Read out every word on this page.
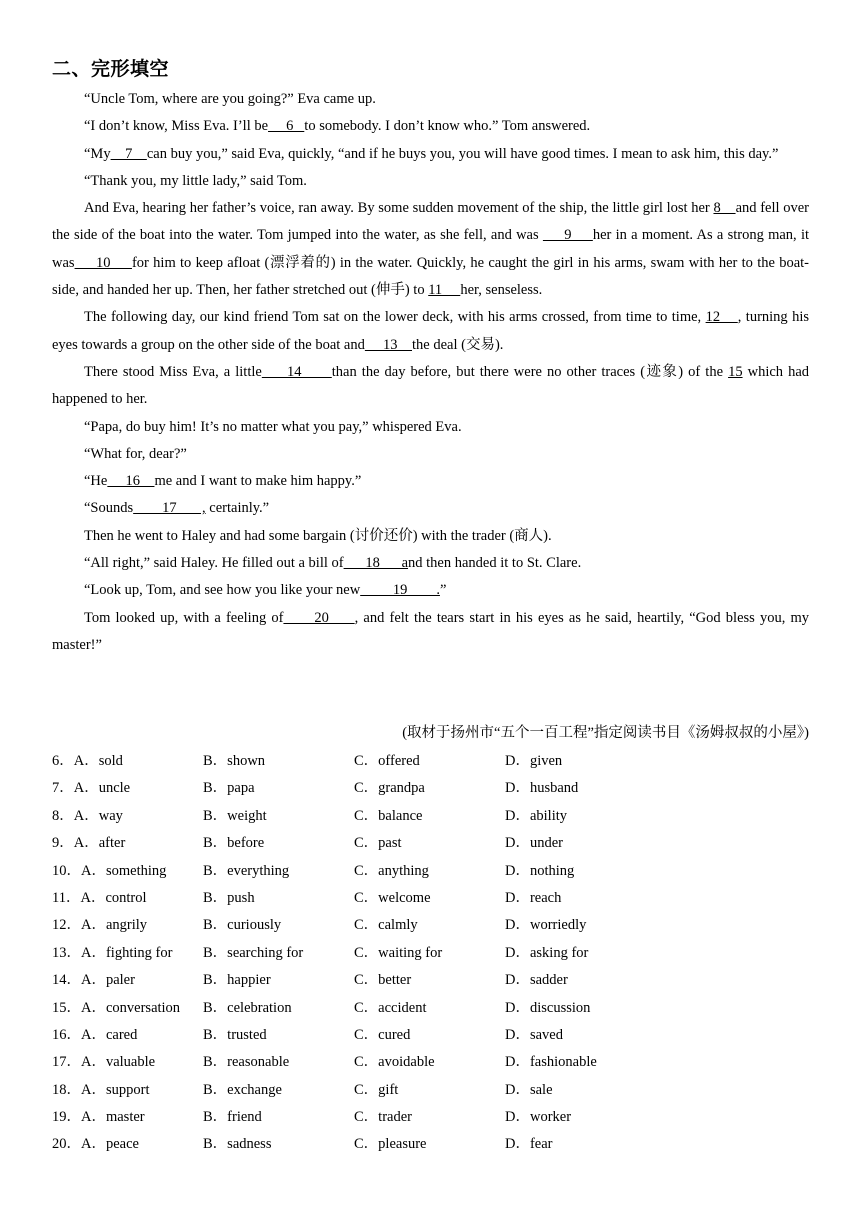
二、完形填空

“Uncle Tom, where are you going?” Eva came up.

“I don’t know, Miss Eva. I’ll be     6   to somebody. I don’t know who.” Tom answered.

“My    7    can buy you,” said Eva, quickly, “and if he buys you, you will have good times. I mean to ask him, this day.”

“Thank you, my little lady,” said Tom.

And Eva, hearing her father’s voice, ran away. By some sudden movement of the ship, the little girl lost her 8    and fell over the side of the boat into the water. Tom jumped into the water, as she fell, and was      9     her in a moment. As a strong man, it was     10     for him to keep afloat (漂浮着的) in the water. Quickly, he caught the girl in his arms, swam with her to the boat-side, and handed her up. Then, her father stretched out (伸手) to 11     her, senseless.

The following day, our kind friend Tom sat on the lower deck, with his arms crossed, from time to time, 12    , turning his eyes towards a group on the other side of the boat and     13    the deal (交易).

There stood Miss Eva, a little     14      than the day before, but there were no other traces (迹象) of the 15 which had happened to her.

“Papa, do buy him! It’s no matter what you pay,” whispered Eva.

“What for, dear?”

“He     16    me and I want to make him happy.”

“Sounds        17       , certainly.”

Then he went to Haley and had some bargain (讨价还价) with the trader (商人).

“All right,” said Haley. He filled out a bill of      18      and then handed it to St. Clare.

“Look up, Tom, and see how you like your new         19        .”

Tom looked up, with a feeling of      20     , and felt the tears start in his eyes as he said, heartily, “God bless you, my master!”

(取材于扬州市“五个一百工程”指定阅读书目《汤姆叔叔的小屋》)
6．A．sold	B．shown	C．offered	D．given
7．A．uncle	B．papa	C．grandpa	D．husband
8．A．way	B．weight	C．balance	D．ability
9．A．after	B．before	C．past	D．under
10．A．something	B．everything	C．anything	D．nothing
11．A．control	B．push	C．welcome	D．reach
12．A．angrily	B．curiously	C．calmly	D．worriedly
13．A．fighting for	B．searching for	C．waiting for	D．asking for
14．A．paler	B．happier	C．better	D．sadder
15．A．conversation	B．celebration	C．accident	D．discussion
16．A．cared	B．trusted	C．cured	D．saved
17．A．valuable	B．reasonable	C．avoidable	D．fashionable
18．A．support	B．exchange	C．gift	D．sale
19．A．master	B．friend	C．trader	D．worker
20．A．peace	B．sadness	C．pleasure	D．fear
